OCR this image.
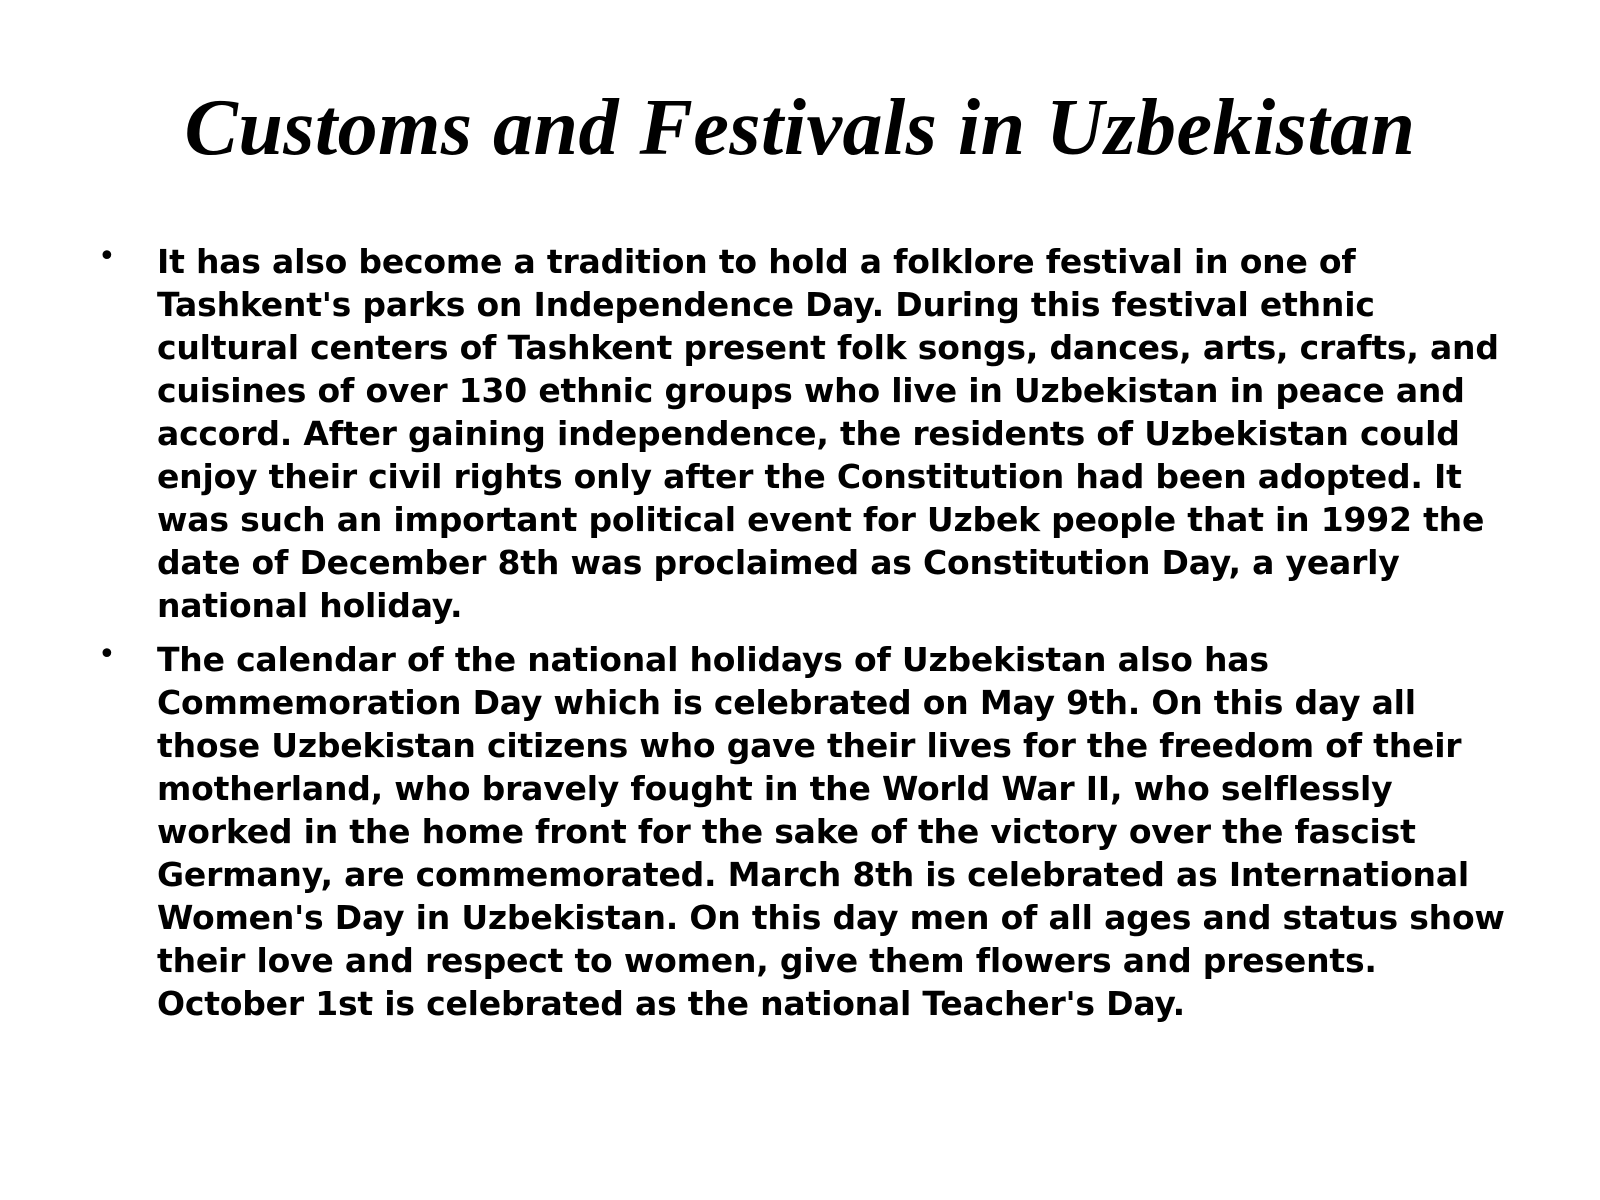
Customs and Festivals in Uzbekistan
• It has also become a tradition to hold a folklore festival in one of
Tashkent's parks on Independence Day. During this festival ethnic
cultural centers of Tashkent present folk songs, dances, arts, crafts, and
cuisines of over 130 ethnic groups who live in Uzbekistan in peace and
accord. After gaining independence, the residents of Uzbekistan could
enjoy their civil rights only after the Constitution had been adopted. It
was such an important political event for Uzbek people that in 1992 the
date of December 8th was proclaimed as Constitution Day, a yearly
national holiday.
• The calendar of the national holidays of Uzbekistan also has
Commemoration Day which is celebrated on May 9th. On this day all
those Uzbekistan citizens who gave their lives for the freedom of their
motherland, who bravely fought in the World War II, who selflessly
worked in the home front for the sake of the victory over the fascist
Germany, are commemorated. March 8th is celebrated as International
Women's Day in Uzbekistan. On this day men of all ages and status show
their love and respect to women, give them flowers and presents.
October 1st is celebrated as the national Teacher's Day.
